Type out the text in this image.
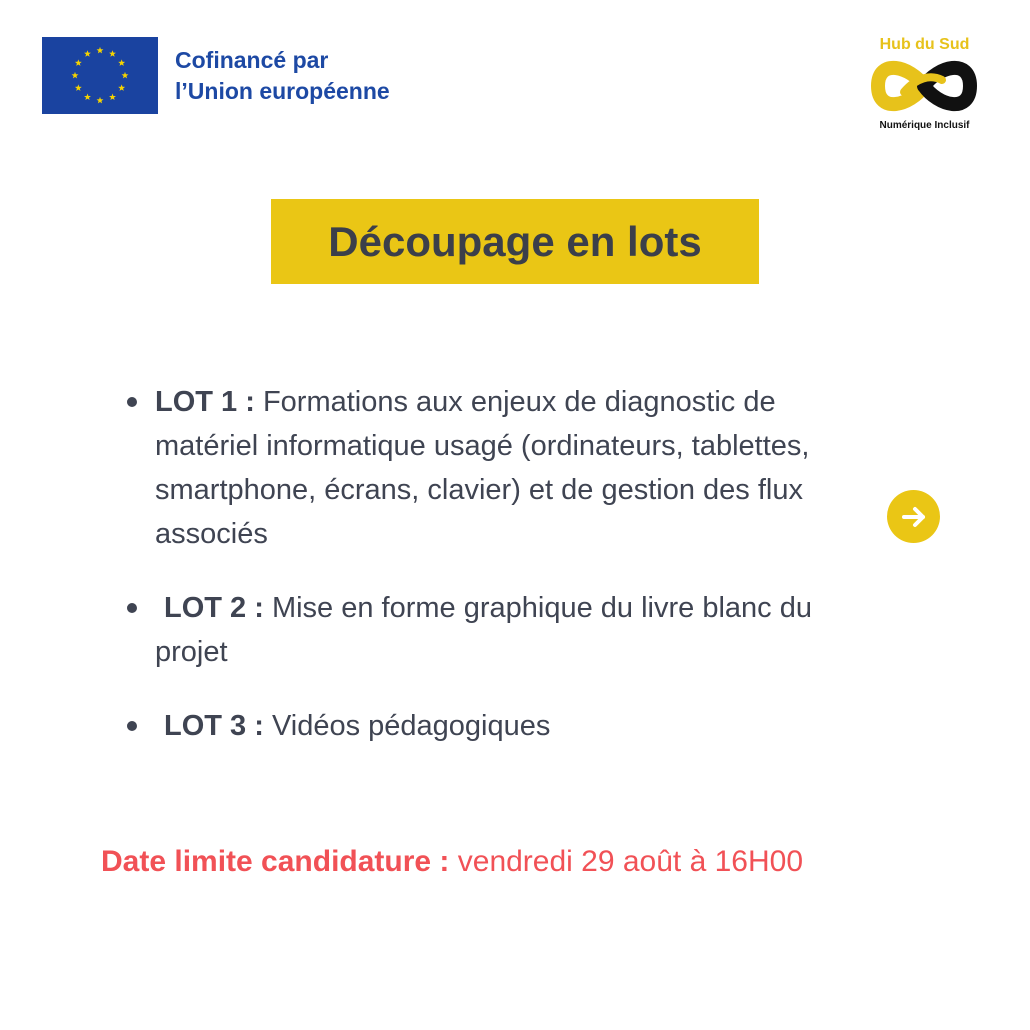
Cofinancé par
l’Union européenne
Hub du Sud
Numérique Inclusif
Découpage en lots
LOT 1 : Formations aux enjeux de diagnostic de matériel informatique usagé (ordinateurs, tablettes, smartphone, écrans, clavier) et de gestion des flux associés
LOT 2 : Mise en forme graphique du livre blanc du projet
LOT 3 : Vidéos pédagogiques
Date limite candidature : vendredi 29 août à 16H00
